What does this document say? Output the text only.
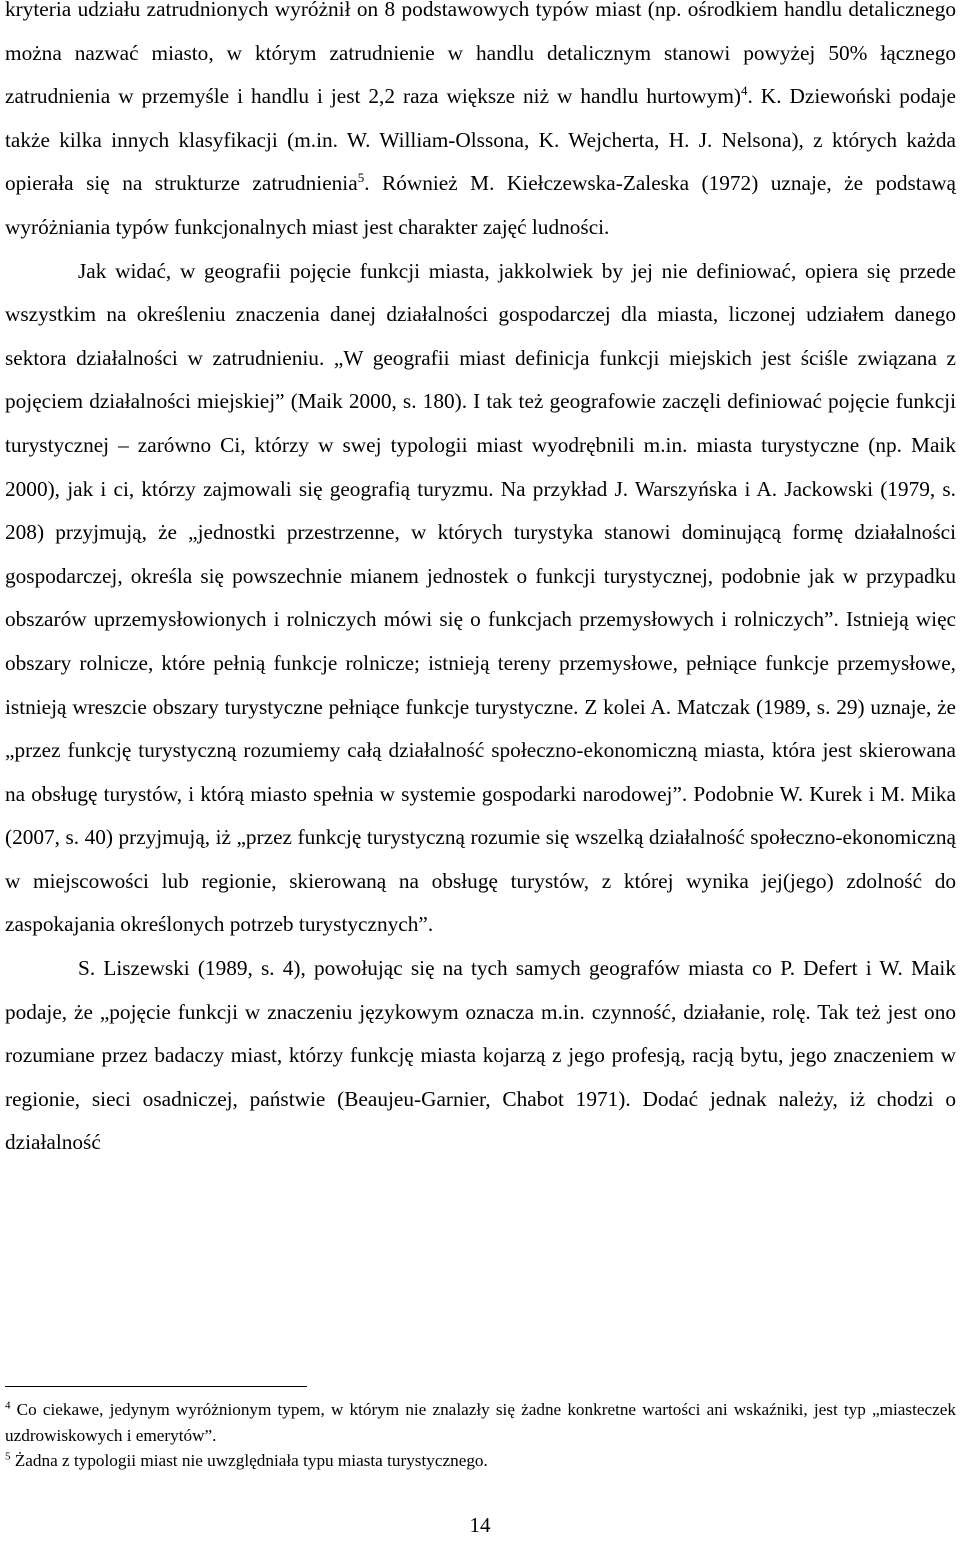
kryteria udziału zatrudnionych wyróżnił on 8 podstawowych typów miast (np. ośrodkiem handlu detalicznego można nazwać miasto, w którym zatrudnienie w handlu detalicznym stanowi powyżej 50% łącznego zatrudnienia w przemyśle i handlu i jest 2,2 raza większe niż w handlu hurtowym)$^4$. K. Dziewoński podaje także kilka innych klasyfikacji (m.in. W. William-Olssona, K. Wejcherta, H. J. Nelsona), z których każda opierała się na strukturze zatrudnienia$^5$. Również M. Kiełczewska-Zaleska (1972) uznaje, że podstawą wyróżniania typów funkcjonalnych miast jest charakter zajęć ludności.

Jak widać, w geografii pojęcie funkcji miasta, jakkolwiek by jej nie definiować, opiera się przede wszystkim na określeniu znaczenia danej działalności gospodarczej dla miasta, liczonej udziałem danego sektora działalności w zatrudnieniu. „W geografii miast definicja funkcji miejskich jest ściśle związana z pojęciem działalności miejskiej” (Maik 2000, s. 180). I tak też geografowie zaczęli definiować pojęcie funkcji turystycznej – zarówno Ci, którzy w swej typologii miast wyodrębnili m.in. miasta turystyczne (np. Maik 2000), jak i ci, którzy zajmowali się geografią turyzmu. Na przykład J. Warszyńska i A. Jackowski (1979, s. 208) przyjmują, że „jednostki przestrzenne, w których turystyka stanowi dominującą formę działalności gospodarczej, określa się powszechnie mianem jednostek o funkcji turystycznej, podobnie jak w przypadku obszarów uprzemysłowionych i rolniczych mówi się o funkcjach przemysłowych i rolniczych”. Istnieją więc obszary rolnicze, które pełnią funkcje rolnicze; istnieją tereny przemysłowe, pełniące funkcje przemysłowe, istnieją wreszcie obszary turystyczne pełniące funkcje turystyczne. Z kolei A. Matczak (1989, s. 29) uznaje, że „przez funkcję turystyczną rozumiemy całą działalność społeczno-ekonomiczną miasta, która jest skierowana na obsługę turystów, i którą miasto spełnia w systemie gospodarki narodowej”. Podobnie W. Kurek i M. Mika (2007, s. 40) przyjmują, iż „przez funkcję turystyczną rozumie się wszelką działalność społeczno-ekonomiczną w miejscowości lub regionie, skierowaną na obsługę turystów, z której wynika jej(jego) zdolność do zaspokajania określonych potrzeb turystycznych”.

S. Liszewski (1989, s. 4), powołując się na tych samych geografów miasta co P. Defert i W. Maik podaje, że „pojęcie funkcji w znaczeniu językowym oznacza m.in. czynność, działanie, rolę. Tak też jest ono rozumiane przez badaczy miast, którzy funkcję miasta kojarzą z jego profesją, racją bytu, jego znaczeniem w regionie, sieci osadniczej, państwie (Beaujeu-Garnier, Chabot 1971). Dodać jednak należy, iż chodzi o działalność

$^4$ Co ciekawe, jedynym wyróżnionym typem, w którym nie znalazły się żadne konkretne wartości ani wskaźniki, jest typ „miasteczek uzdrowiskowych i emerytów”.

$^5$ Żadna z typologii miast nie uwzględniała typu miasta turystycznego.

14
